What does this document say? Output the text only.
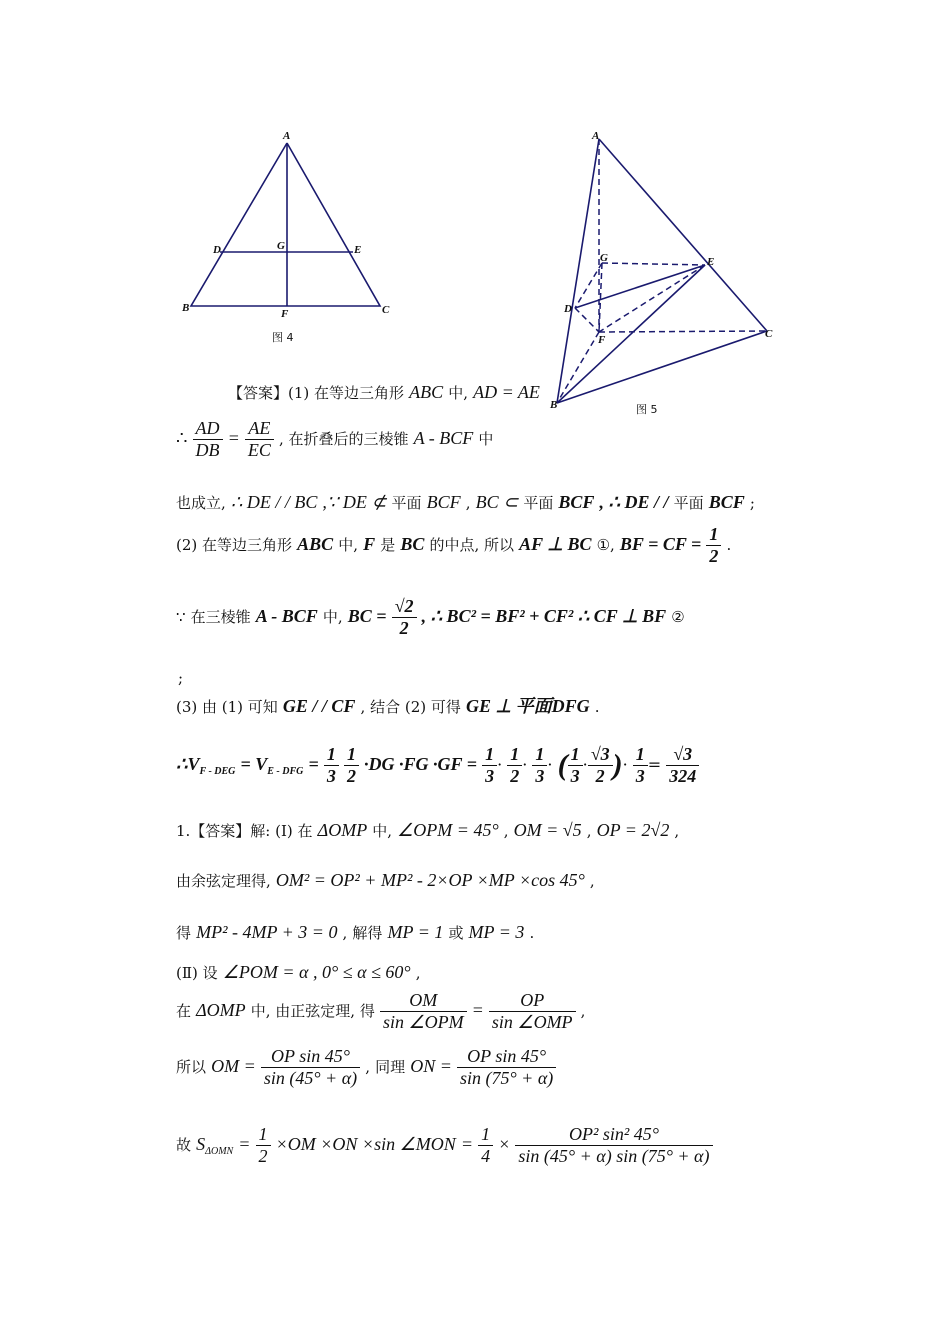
A
B	C
D	E
F
G
图 4
A
B
C
D
E
F
G
图 5
【答案】(1) 在等边三角形 ABC 中, AD = AE
∴ $\frac{AD}{DB} = \frac{AE}{EC}$ , 在折叠后的三棱锥 A - BCF 中
也成立, ∴ DE / / BC ,∵ DE ⊄ 平面 BCF , BC ⊂ 平面 BCF , ∴ DE / / 平面 BCF ;
(2) 在等边三角形 ABC 中, F 是 BC 的中点, 所以 AF ⊥ BC ①, BF = CF = $\frac{1}{2}$ .
∵ 在三棱锥 A - BCF 中, BC = $\frac{√2}{2}$ , ∴ BC² = BF² + CF² ∴ CF ⊥ BF ②
;
(3) 由 (1) 可知 GE / / CF , 结合 (2) 可得 GE ⊥ 平面DFG .
$\therefore V_{F - DEG} = V_{E - DFG} = \frac{1}{3}$
$\frac{1}{2} \cdot DG \cdot FG \cdot GF = \frac{1}{3} \cdot \frac{1}{2} \cdot \frac{1}{3}$ · ( $\frac{1}{3} \cdot \frac{√3}{2}$ )· $\frac{1}{3} = \frac{√3}{324}$
1.【答案】解: (Ⅰ) 在 ΔOMP 中, ∠OPM = 45° , OM = √5 , OP = 2√2 ,
由余弦定理得, OM² = OP² + MP² - 2×OP ×MP ×cos 45° ,
得 MP² - 4MP + 3 = 0 , 解得 MP = 1 或 MP = 3 .
(Ⅱ) 设 ∠POM = α , 0° ≤ α ≤ 60° ,
在 ΔOMP 中, 由正弦定理, 得 $\frac{OM}{\text{sin ∠OPM}} = \frac{OP}{\text{sin ∠OMP}}$ ,
所以 OM = $\frac{\text{OP sin 45°}}{\sin (45^\circ + \alpha)}$ , 同理 ON = $\frac{\text{OP sin 45°}}{\sin (75^\circ + \alpha)}$
故 $S_{\Delta OMN} = \frac{1}{2} \times OM \times ON \times\sin$ ∠MON = $\frac{1}{4} \times \frac{\text{OP² sin² 45°}}{\sin (45^\circ + \alpha) \sin (75^\circ + \alpha)}$
